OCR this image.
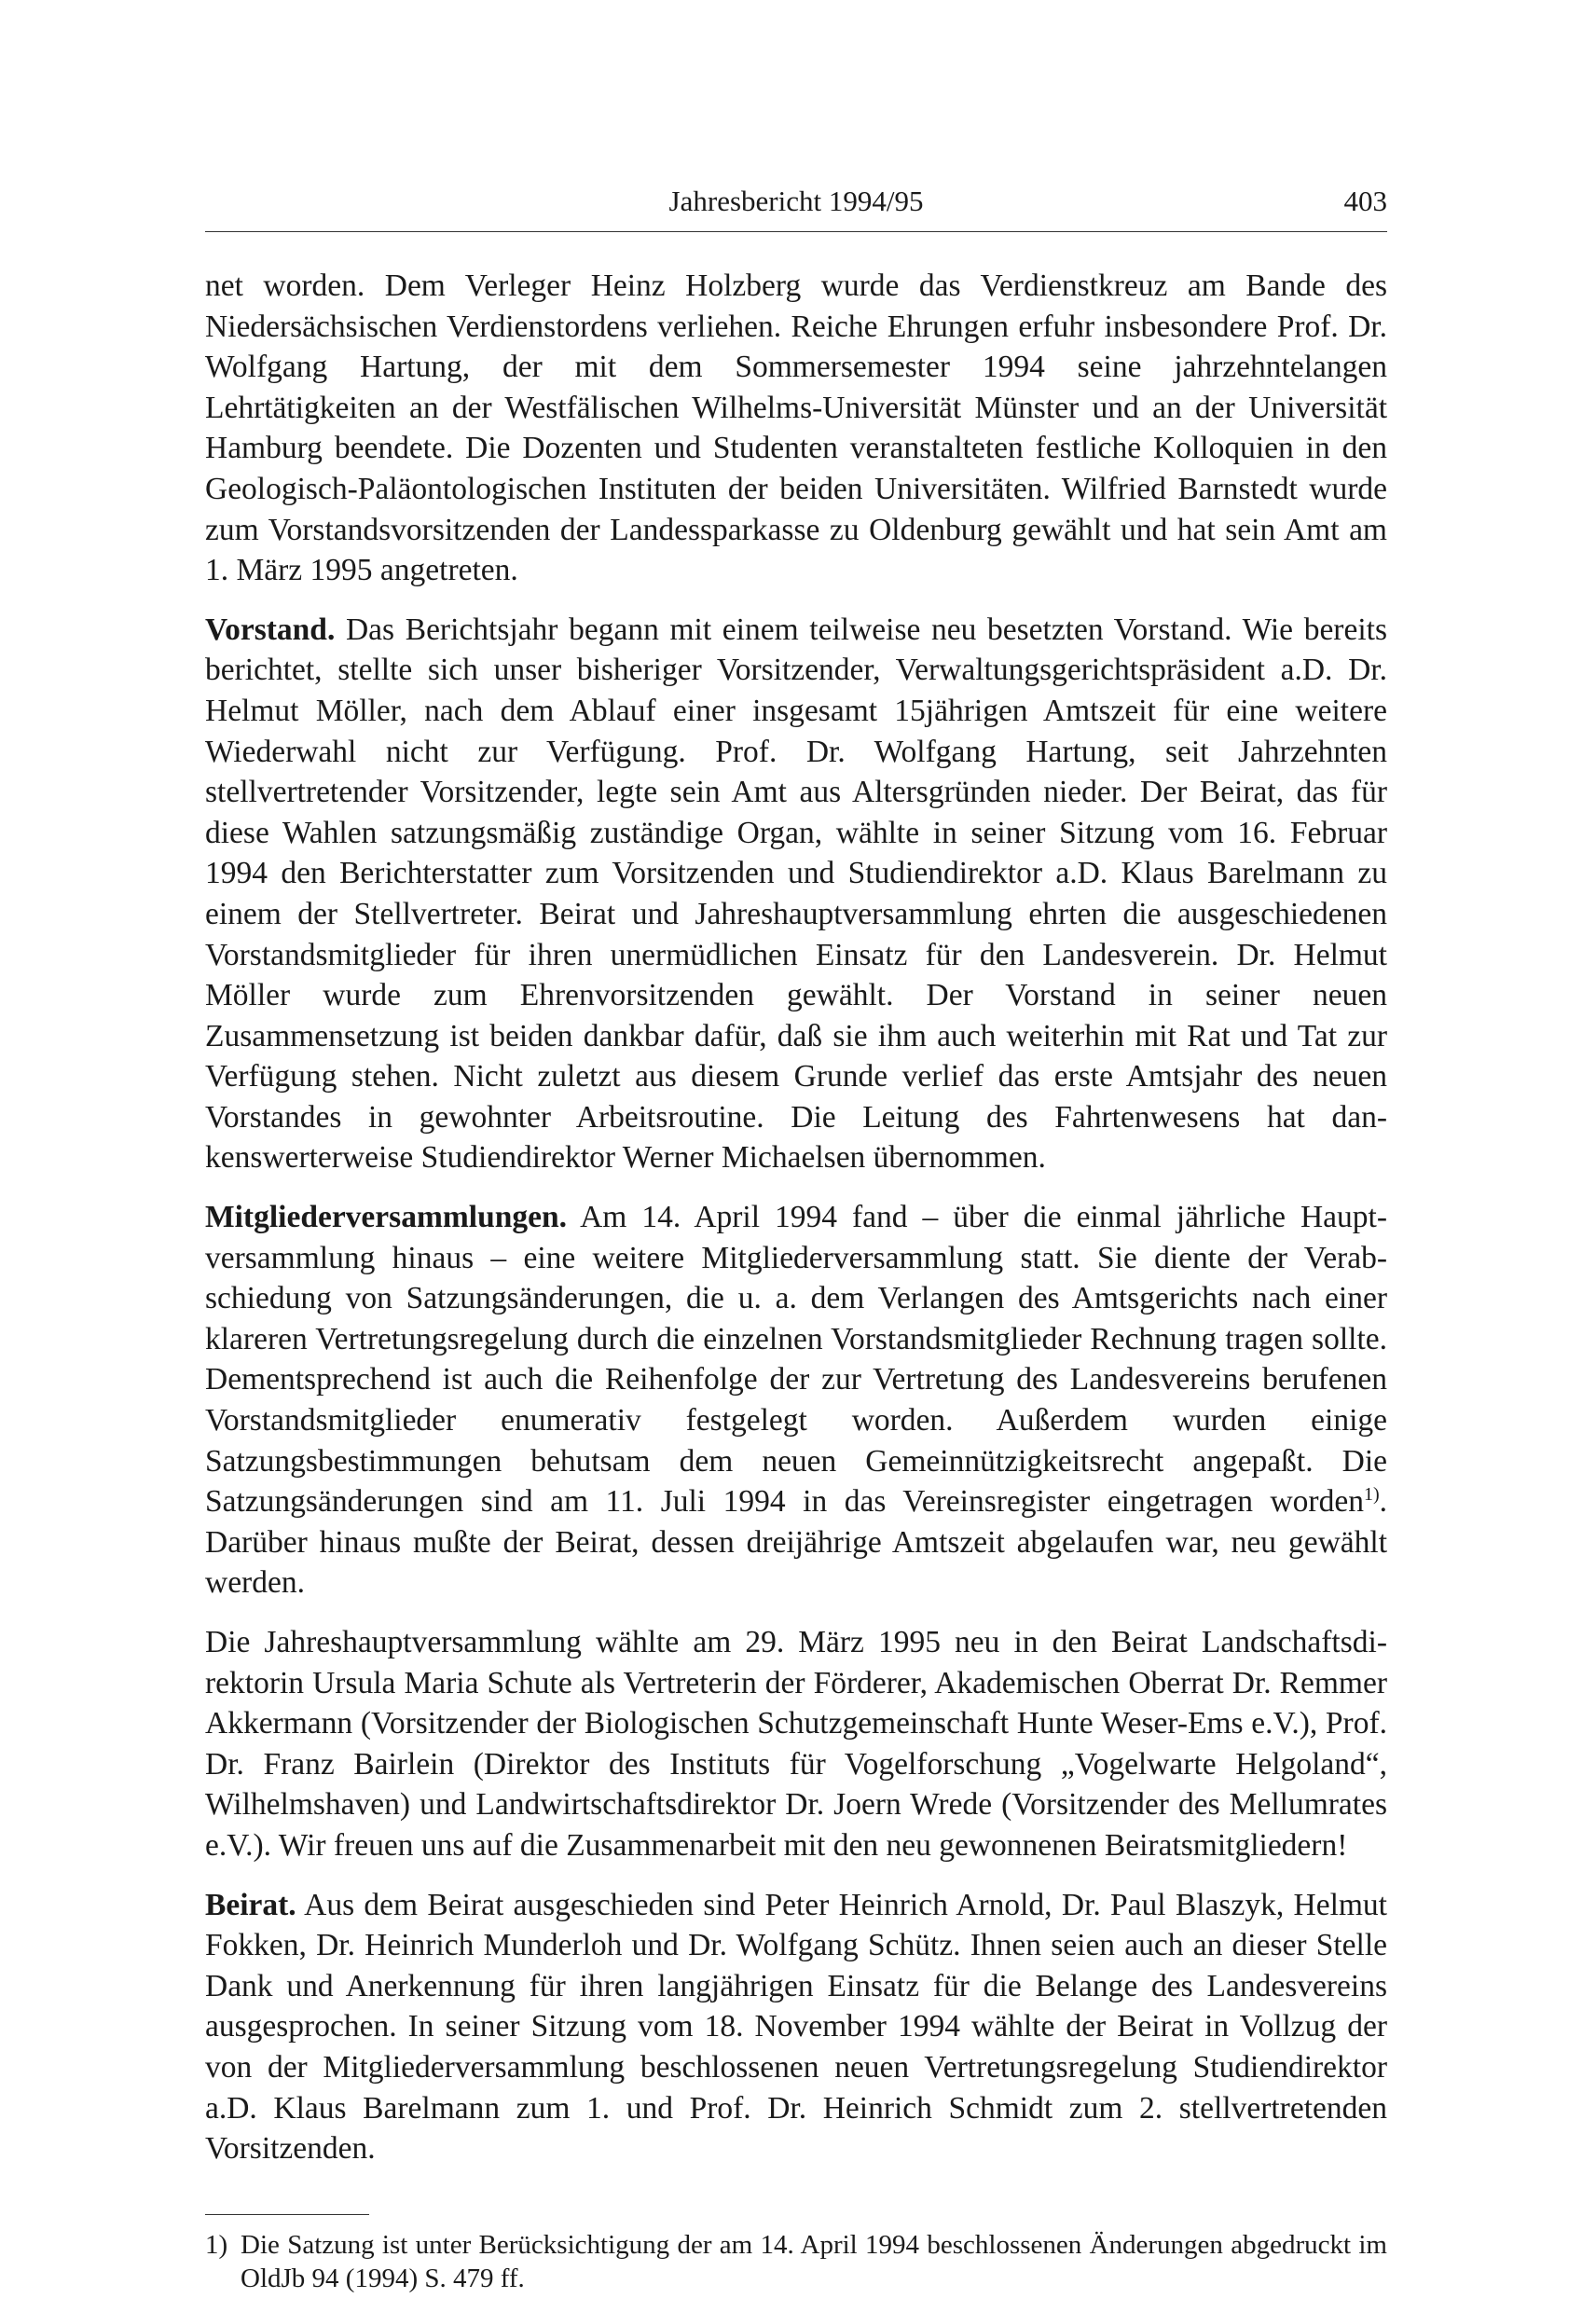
Jahresbericht 1994/95	403

net worden. Dem Verleger Heinz Holzberg wurde das Verdienstkreuz am Bande des Niedersächsischen Verdienstordens verliehen. Reiche Ehrungen erfuhr insbesondere Prof. Dr. Wolfgang Hartung, der mit dem Sommersemester 1994 seine jahrzehntelangen Lehrtätigkeiten an der Westfälischen Wilhelms-Universität Münster und an der Universität Hamburg beendete. Die Dozenten und Studenten veranstalteten festliche Kolloquien in den Geologisch-Paläontologischen Instituten der beiden Universitäten. Wilfried Barnstedt wurde zum Vorstandsvorsitzenden der Landessparkasse zu Oldenburg gewählt und hat sein Amt am 1. März 1995 angetreten.

Vorstand. Das Berichtsjahr begann mit einem teilweise neu besetzten Vorstand. Wie bereits berichtet, stellte sich unser bisheriger Vorsitzender, Verwaltungsgerichtspräsident a.D. Dr. Helmut Möller, nach dem Ablauf einer insgesamt 15jährigen Amtszeit für eine weitere Wiederwahl nicht zur Verfügung. Prof. Dr. Wolfgang Hartung, seit Jahrzehnten stellvertretender Vorsitzender, legte sein Amt aus Altersgründen nieder. Der Beirat, das für diese Wahlen satzungsmäßig zuständige Organ, wählte in seiner Sitzung vom 16. Februar 1994 den Berichterstatter zum Vorsitzenden und Studiendirektor a.D. Klaus Barelmann zu einem der Stellvertreter. Beirat und Jahreshauptversammlung ehrten die ausgeschiedenen Vorstandsmitglieder für ihren unermüdlichen Einsatz für den Landesverein. Dr. Helmut Möller wurde zum Ehrenvorsitzenden gewählt. Der Vorstand in seiner neuen Zusammensetzung ist beiden dankbar dafür, daß sie ihm auch weiterhin mit Rat und Tat zur Verfügung stehen. Nicht zuletzt aus diesem Grunde verlief das erste Amtsjahr des neuen Vorstandes in gewohnter Arbeitsroutine. Die Leitung des Fahrtenwesens hat dankenswerterweise Studiendirektor Werner Michaelsen übernommen.

Mitgliederversammlungen. Am 14. April 1994 fand – über die einmal jährliche Hauptversammlung hinaus – eine weitere Mitgliederversammlung statt. Sie diente der Verabschiedung von Satzungsänderungen, die u. a. dem Verlangen des Amtsgerichts nach einer klareren Vertretungsregelung durch die einzelnen Vorstandsmitglieder Rechnung tragen sollte. Dementsprechend ist auch die Reihenfolge der zur Vertretung des Landesvereins berufenen Vorstandsmitglieder enumerativ festgelegt worden. Außerdem wurden einige Satzungsbestimmungen behutsam dem neuen Gemeinnützigkeitsrecht angepaßt. Die Satzungsänderungen sind am 11. Juli 1994 in das Vereinsregister eingetragen worden$^{1)}$. Darüber hinaus mußte der Beirat, dessen dreijährige Amtszeit abgelaufen war, neu gewählt werden.

Die Jahreshauptversammlung wählte am 29. März 1995 neu in den Beirat Landschaftsdirektorin Ursula Maria Schute als Vertreterin der Förderer, Akademischen Oberrat Dr. Remmer Akkermann (Vorsitzender der Biologischen Schutzgemeinschaft Hunte Weser-Ems e.V.), Prof. Dr. Franz Bairlein (Direktor des Instituts für Vogelforschung „Vogelwarte Helgoland“, Wilhelmshaven) und Landwirtschaftsdirektor Dr. Joern Wrede (Vorsitzender des Mellumrates e.V.). Wir freuen uns auf die Zusammenarbeit mit den neu gewonnenen Beiratsmitgliedern!

Beirat. Aus dem Beirat ausgeschieden sind Peter Heinrich Arnold, Dr. Paul Blaszyk, Helmut Fokken, Dr. Heinrich Munderloh und Dr. Wolfgang Schütz. Ihnen seien auch an dieser Stelle Dank und Anerkennung für ihren langjährigen Einsatz für die Belange des Landesvereins ausgesprochen. In seiner Sitzung vom 18. November 1994 wählte der Beirat in Vollzug der von der Mitgliederversammlung beschlossenen neuen Vertretungsregelung Studiendirektor a.D. Klaus Barelmann zum 1. und Prof. Dr. Heinrich Schmidt zum 2. stellvertretenden Vorsitzenden.

1) Die Satzung ist unter Berücksichtigung der am 14. April 1994 beschlossenen Änderungen abgedruckt im OldJb 94 (1994) S. 479 ff.
